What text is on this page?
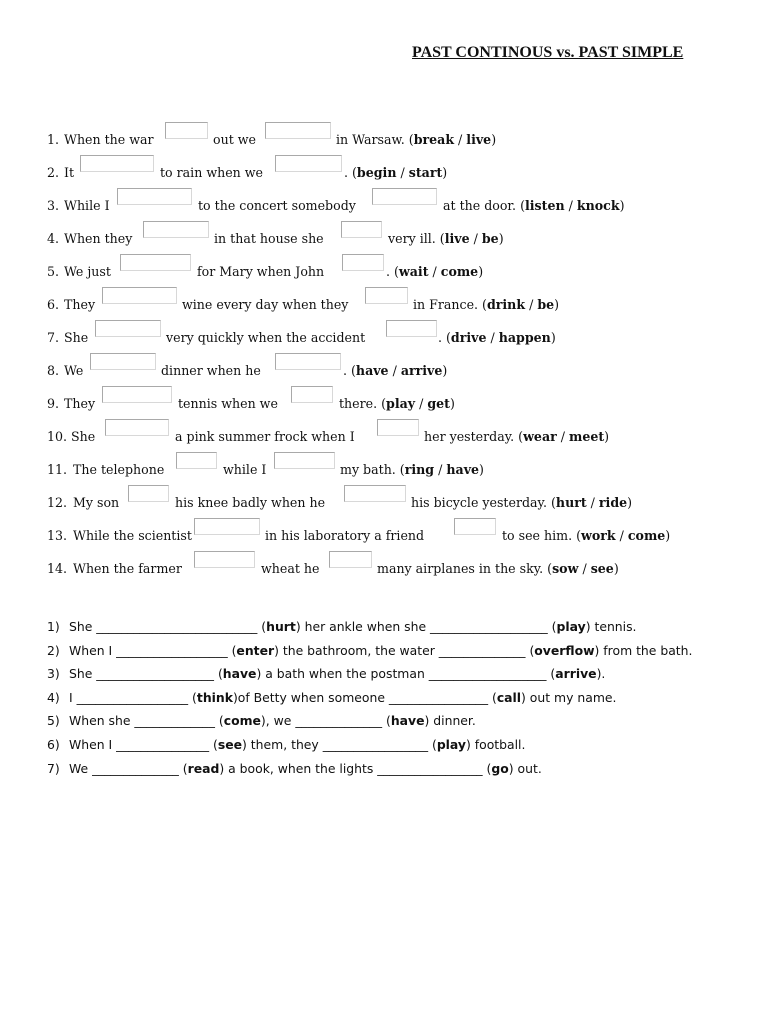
PAST CONTINOUS vs. PAST SIMPLE
1. When the war	out we	in Warsaw. (break / live)
2. It	to rain when we	. (begin / start)
3. While I	to the concert somebody	at the door. (listen / knock)
4. When they	in that house she	very ill. (live / be)
5. We just	for Mary when John	. (wait / come)
6. They	wine every day when they	in France. (drink / be)
7. She	very quickly when the accident	. (drive / happen)
8. We	dinner when he	. (have / arrive)
9. They	tennis when we	there. (play / get)
10. She	a pink summer frock when I	her yesterday. (wear / meet)
11. The telephone	while I	my bath. (ring / have)
12. My son	his knee badly when he	his bicycle yesterday. (hurt / ride)
13. While the scientist	in his laboratory a friend	to see him. (work / come)
14. When the farmer	wheat he	many airplanes in the sky. (sow / see)
1) She __________________________ (hurt) her ankle when she ___________________ (play) tennis.
2) When I __________________ (enter) the bathroom, the water ______________ (overflow) from the bath.
3) She ___________________ (have) a bath when the postman ___________________ (arrive).
4) I __________________ (think)of Betty when someone ________________ (call) out my name.
5) When she _____________ (come), we ______________ (have) dinner.
6) When I _______________ (see) them, they _________________ (play) football.
7) We ______________ (read) a book, when the lights _________________ (go) out.
